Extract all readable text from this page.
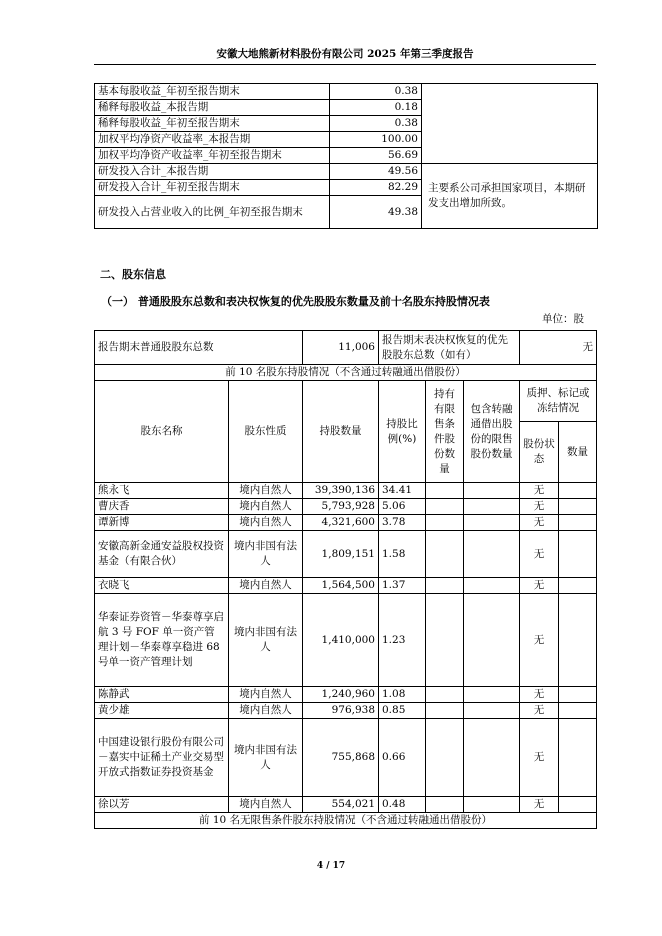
安徽大地熊新材料股份有限公司 2025 年第三季度报告
基本每股收益_年初至报告期末	0.38	
稀释每股收益_本报告期	0.18	
稀释每股收益_年初至报告期末	0.38	
加权平均净资产收益率_本报告期	100.00	
加权平均净资产收益率_年初至报告期末	56.69	
研发投入合计_本报告期	49.56	主要系公司承担国家项目，本期研发支出增加所致。
研发投入合计_年初至报告期末	82.29	
研发投入占营业收入的比例_年初至报告期末	49.38	
二、股东信息
（一） 普通股股东总数和表决权恢复的优先股股东数量及前十名股东持股情况表
单位：股
报告期末普通股股东总数		11,006	报告期末表决权恢复的优先股股东总数（如有）			无	
前 10 名股东持股情况（不含通过转融通出借股份）							
股东名称	股东性质	持股数量	持股比例(%)	持有有限售条件股份数量	包含转融通借出股份的限售股份数量	质押、标记或冻结情况	
						股份状态	数量
熊永飞	境内自然人	39,390,136	34.41			无	
曹庆香	境内自然人	5,793,928	5.06			无	
谭新博	境内自然人	4,321,600	3.78			无	
安徽高新金通安益股权投资基金（有限合伙）	境内非国有法人	1,809,151	1.58			无	
衣晓飞	境内自然人	1,564,500	1.37			无	
华泰证券资管－华泰尊享启航 3 号 FOF 单一资产管理计划－华泰尊享稳进 68 号单一资产管理计划	境内非国有法人	1,410,000	1.23			无	
陈静武	境内自然人	1,240,960	1.08			无	
黄少雄	境内自然人	976,938	0.85			无	
中国建设银行股份有限公司－嘉实中证稀土产业交易型开放式指数证券投资基金	境内非国有法人	755,868	0.66			无	
徐以芳	境内自然人	554,021	0.48			无	
前 10 名无限售条件股东持股情况（不含通过转融通出借股份）							
4 / 17
